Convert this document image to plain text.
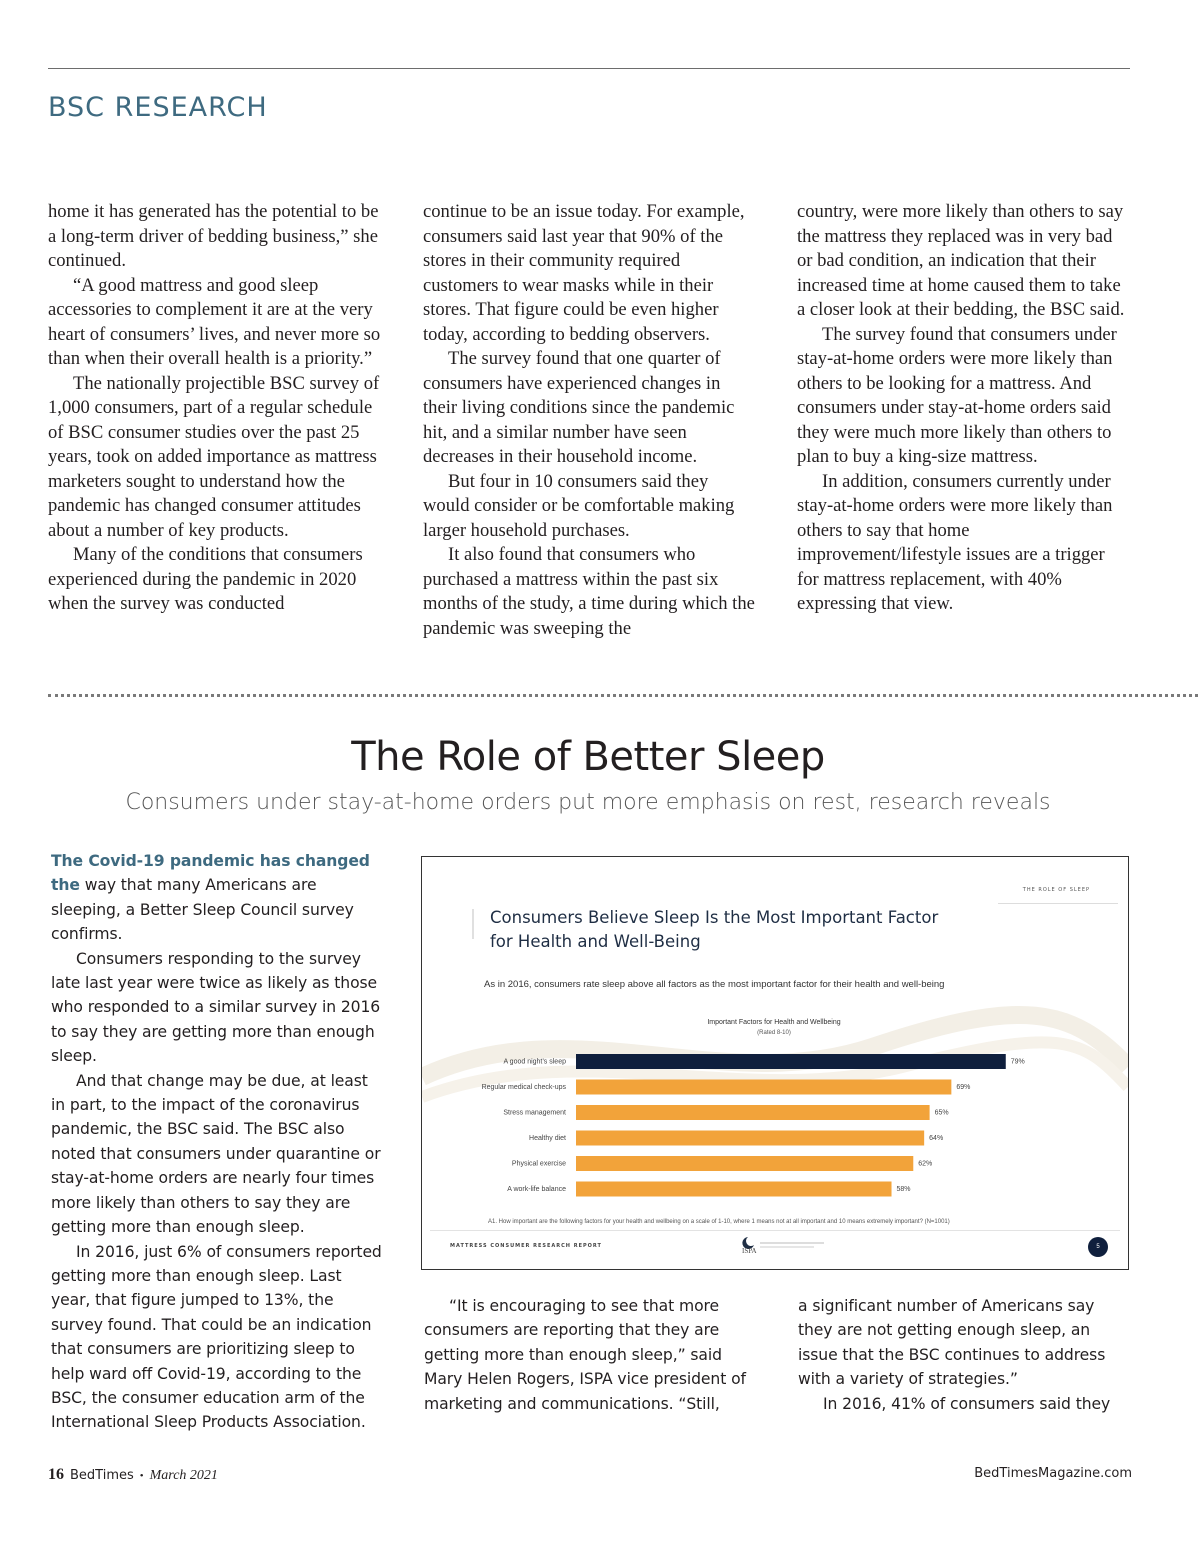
BSC RESEARCH

home it has generated has the potential to be a long-term driver of bedding business,” she continued.

“A good mattress and good sleep accessories to complement it are at the very heart of consumers’ lives, and never more so than when their overall health is a priority.”

The nationally projectible BSC survey of 1,000 consumers, part of a regular schedule of BSC consumer studies over the past 25 years, took on added importance as mattress marketers sought to understand how the pandemic has changed consumer attitudes about a number of key products.

Many of the conditions that consumers experienced during the pandemic in 2020 when the survey was conducted

continue to be an issue today. For example, consumers said last year that 90% of the stores in their community required customers to wear masks while in their stores. That figure could be even higher today, according to bedding observers.

The survey found that one quarter of consumers have experienced changes in their living conditions since the pandemic hit, and a similar number have seen decreases in their household income.

But four in 10 consumers said they would consider or be comfortable making larger household purchases.

It also found that consumers who purchased a mattress within the past six months of the study, a time during which the pandemic was sweeping the

country, were more likely than others to say the mattress they replaced was in very bad or bad condition, an indication that their increased time at home caused them to take a closer look at their bedding, the BSC said.

The survey found that consumers under stay-at-home orders were more likely than others to be looking for a mattress. And consumers under stay-at-home orders said they were much more likely than others to plan to buy a king-size mattress.

In addition, consumers currently under stay-at-home orders were more likely than others to say that home improvement/lifestyle issues are a trigger for mattress replacement, with 40% expressing that view.

The Role of Better Sleep
Consumers under stay-at-home orders put more emphasis on rest, research reveals

The Covid-19 pandemic has changed the way that many Americans are sleeping, a Better Sleep Council survey confirms.

Consumers responding to the survey late last year were twice as likely as those who responded to a similar survey in 2016 to say they are getting more than enough sleep.

And that change may be due, at least in part, to the impact of the coronavirus pandemic, the BSC said. The BSC also noted that consumers under quarantine or stay-at-home orders are nearly four times more likely than others to say they are getting more than enough sleep.

In 2016, just 6% of consumers reported getting more than enough sleep. Last year, that figure jumped to 13%, the survey found. That could be an indication that consumers are prioritizing sleep to help ward off Covid-19, according to the BSC, the consumer education arm of the International Sleep Products Association.

THE ROLE OF SLEEP
Consumers Believe Sleep Is the Most Important Factor for Health and Well-Being
As in 2016, consumers rate sleep above all factors as the most important factor for their health and well-being
Important Factors for Health and Wellbeing
(Rated 8-10)
A good night’s sleep	79%
Regular medical check-ups	69%
Stress management	65%
Healthy diet	64%
Physical exercise	62%
A work-life balance	58%
A1. How important are the following factors for your health and wellbeing on a scale of 1-10, where 1 means not at all important and 10 means extremely important? (N=1001)
MATTRESS CONSUMER RESEARCH REPORT
ISPA	5

“It is encouraging to see that more consumers are reporting that they are getting more than enough sleep,” said Mary Helen Rogers, ISPA vice president of marketing and communications. “Still,

a significant number of Americans say they are not getting enough sleep, an issue that the BSC continues to address with a variety of strategies.”

In 2016, 41% of consumers said they

16 BedTimes • March 2021	BedTimesMagazine.com
